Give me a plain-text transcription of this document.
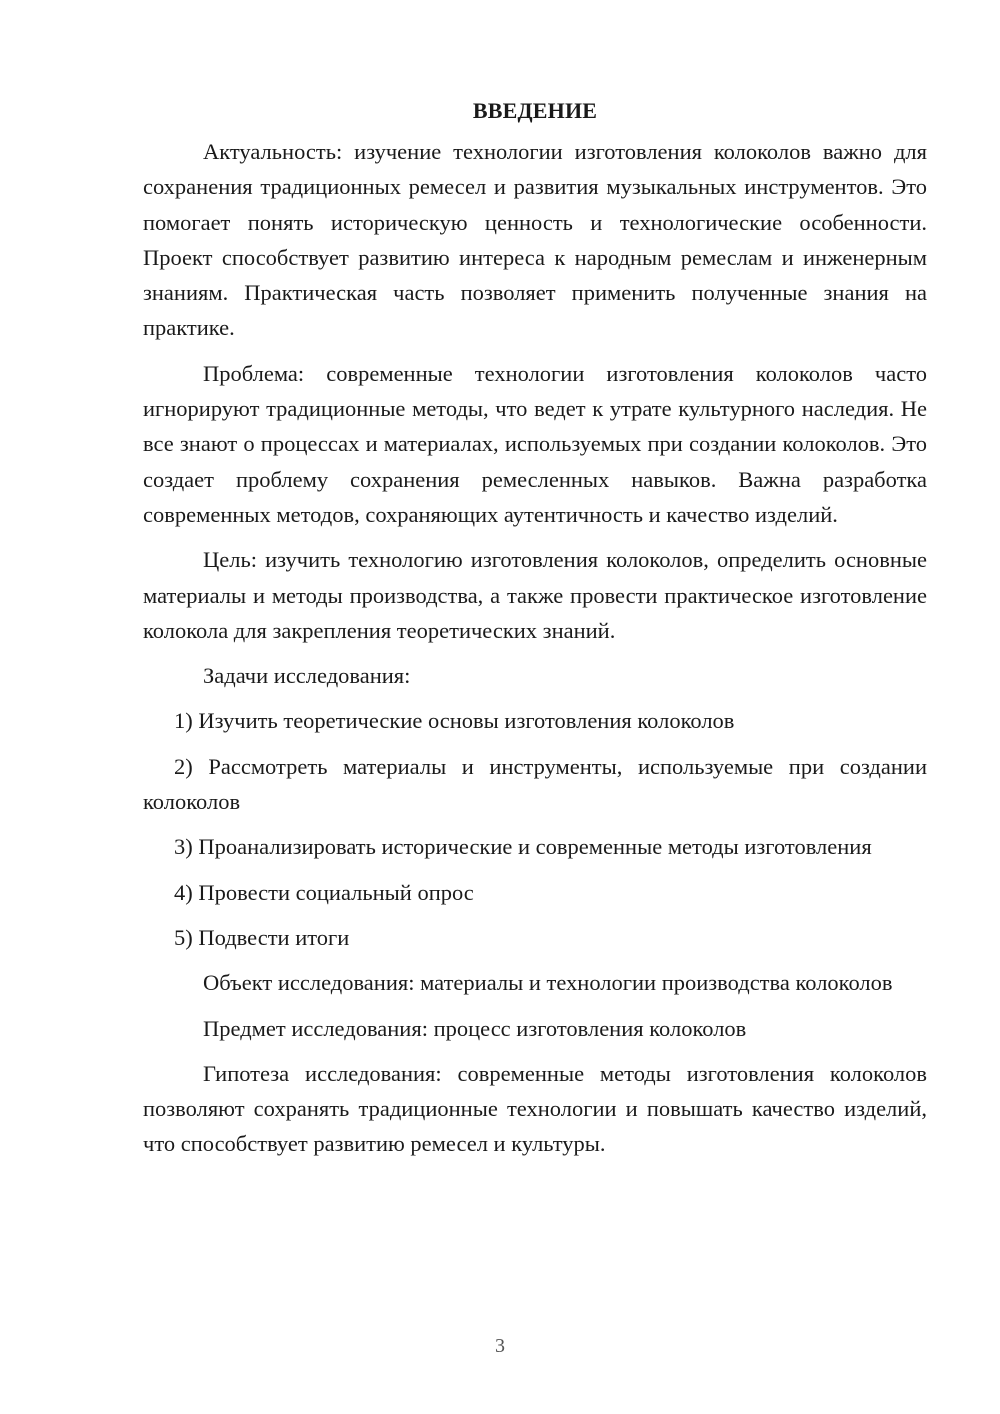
ВВЕДЕНИЕ

Актуальность: изучение технологии изготовления колоколов важно для сохранения традиционных ремесел и развития музыкальных инструментов. Это помогает понять историческую ценность и технологические особенности. Проект способствует развитию интереса к народным ремеслам и инженерным знаниям. Практическая часть позволяет применить полученные знания на практике.

Проблема: современные технологии изготовления колоколов часто игнорируют традиционные методы, что ведет к утрате культурного наследия. Не все знают о процессах и материалах, используемых при создании колоколов. Это создает проблему сохранения ремесленных навыков. Важна разработка современных методов, сохраняющих аутентичность и качество изделий.

Цель: изучить технологию изготовления колоколов, определить основные материалы и методы производства, а также провести практическое изготовление колокола для закрепления теоретических знаний.

Задачи исследования:

1) Изучить теоретические основы изготовления колоколов

2) Рассмотреть материалы и инструменты, используемые при создании колоколов

3) Проанализировать исторические и современные методы изготовления

4) Провести социальный опрос

5) Подвести итоги

Объект исследования: материалы и технологии производства колоколов

Предмет исследования: процесс изготовления колоколов

Гипотеза исследования: современные методы изготовления колоколов позволяют сохранять традиционные технологии и повышать качество изделий, что способствует развитию ремесел и культуры.

3
